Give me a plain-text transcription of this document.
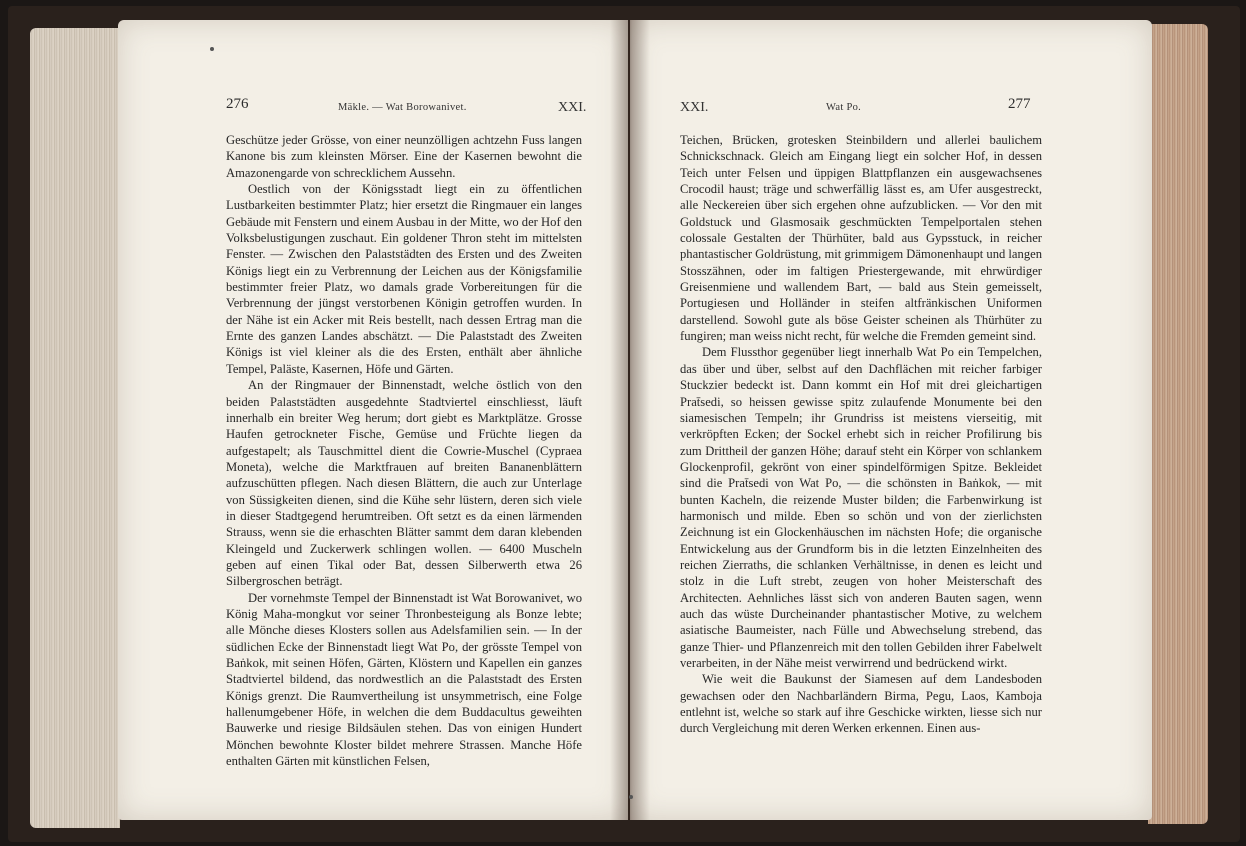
276	Mäkle. — Wat Borowanivet.	XXI.

Geschütze jeder Grösse, von einer neunzölligen achtzehn Fuss langen Kanone bis zum kleinsten Mörser. Eine der Kasernen bewohnt die Amazonengarde von schrecklichem Aussehn.

Oestlich von der Königsstadt liegt ein zu öffentlichen Lustbarkeiten bestimmter Platz; hier ersetzt die Ringmauer ein langes Gebäude mit Fenstern und einem Ausbau in der Mitte, wo der Hof den Volksbelustigungen zuschaut. Ein goldener Thron steht im mittelsten Fenster. — Zwischen den Palaststädten des Ersten und des Zweiten Königs liegt ein zu Verbrennung der Leichen aus der Königsfamilie bestimmter freier Platz, wo damals grade Vorbereitungen für die Verbrennung der jüngst verstorbenen Königin getroffen wurden. In der Nähe ist ein Acker mit Reis bestellt, nach dessen Ertrag man die Ernte des ganzen Landes abschätzt. — Die Palaststadt des Zweiten Königs ist viel kleiner als die des Ersten, enthält aber ähnliche Tempel, Paläste, Kasernen, Höfe und Gärten.

An der Ringmauer der Binnenstadt, welche östlich von den beiden Palaststädten ausgedehnte Stadtviertel einschliesst, läuft innerhalb ein breiter Weg herum; dort giebt es Marktplätze. Grosse Haufen getrockneter Fische, Gemüse und Früchte liegen da aufgestapelt; als Tauschmittel dient die Cowrie-Muschel (Cypraea Moneta), welche die Marktfrauen auf breiten Bananenblättern aufzuschütten pflegen. Nach diesen Blättern, die auch zur Unterlage von Süssigkeiten dienen, sind die Kühe sehr lüstern, deren sich viele in dieser Stadtgegend herumtreiben. Oft setzt es da einen lärmenden Strauss, wenn sie die erhaschten Blätter sammt dem daran klebenden Kleingeld und Zuckerwerk schlingen wollen. — 6400 Muscheln geben auf einen Tikal oder Bat, dessen Silberwerth etwa 26 Silbergroschen beträgt.

Der vornehmste Tempel der Binnenstadt ist Wat Borowanivet, wo König Maha-mongkut vor seiner Thronbesteigung als Bonze lebte; alle Mönche dieses Klosters sollen aus Adelsfamilien sein. — In der südlichen Ecke der Binnenstadt liegt Wat Po, der grösste Tempel von Baṅkok, mit seinen Höfen, Gärten, Klöstern und Kapellen ein ganzes Stadtviertel bildend, das nordwestlich an die Palaststadt des Ersten Königs grenzt. Die Raumvertheilung ist unsymmetrisch, eine Folge hallenumgebener Höfe, in welchen die dem Buddacultus geweihten Bauwerke und riesige Bildsäulen stehen. Das von einigen Hundert Mönchen bewohnte Kloster bildet mehrere Strassen. Manche Höfe enthalten Gärten mit künstlichen Felsen,

XXI.	Wat Po.	277

Teichen, Brücken, grotesken Steinbildern und allerlei baulichem Schnickschnack. Gleich am Eingang liegt ein solcher Hof, in dessen Teich unter Felsen und üppigen Blattpflanzen ein ausgewachsenes Crocodil haust; träge und schwerfällig lässt es, am Ufer ausgestreckt, alle Neckereien über sich ergehen ohne aufzublicken. — Vor den mit Goldstuck und Glasmosaik geschmückten Tempelportalen stehen colossale Gestalten der Thürhüter, bald aus Gypsstuck, in reicher phantastischer Goldrüstung, mit grimmigem Dämonenhaupt und langen Stosszähnen, oder im faltigen Priestergewande, mit ehrwürdiger Greisenmiene und wallendem Bart, — bald aus Stein gemeisselt, Portugiesen und Holländer in steifen altfränkischen Uniformen darstellend. Sowohl gute als böse Geister scheinen als Thürhüter zu fungiren; man weiss nicht recht, für welche die Fremden gemeint sind.

Dem Flussthor gegenüber liegt innerhalb Wat Po ein Tempelchen, das über und über, selbst auf den Dachflächen mit reicher farbiger Stuckzier bedeckt ist. Dann kommt ein Hof mit drei gleichartigen Prat̄sedi, so heissen gewisse spitz zulaufende Monumente bei den siamesischen Tempeln; ihr Grundriss ist meistens vierseitig, mit verkröpften Ecken; der Sockel erhebt sich in reicher Profilirung bis zum Drittheil der ganzen Höhe; darauf steht ein Körper von schlankem Glockenprofil, gekrönt von einer spindelförmigen Spitze. Bekleidet sind die Prat̄sedi von Wat Po, — die schönsten in Baṅkok, — mit bunten Kacheln, die reizende Muster bilden; die Farbenwirkung ist harmonisch und milde. Eben so schön und von der zierlichsten Zeichnung ist ein Glockenhäuschen im nächsten Hofe; die organische Entwickelung aus der Grundform bis in die letzten Einzelnheiten des reichen Zierraths, die schlanken Verhältnisse, in denen es leicht und stolz in die Luft strebt, zeugen von hoher Meisterschaft des Architecten. Aehnliches lässt sich von anderen Bauten sagen, wenn auch das wüste Durcheinander phantastischer Motive, zu welchem asiatische Baumeister, nach Fülle und Abwechselung strebend, das ganze Thier- und Pflanzenreich mit den tollen Gebilden ihrer Fabelwelt verarbeiten, in der Nähe meist verwirrend und bedrückend wirkt.

Wie weit die Baukunst der Siamesen auf dem Landesboden gewachsen oder den Nachbarländern Birma, Pegu, Laos, Kamboja entlehnt ist, welche so stark auf ihre Geschicke wirkten, liesse sich nur durch Vergleichung mit deren Werken erkennen. Einen aus-
